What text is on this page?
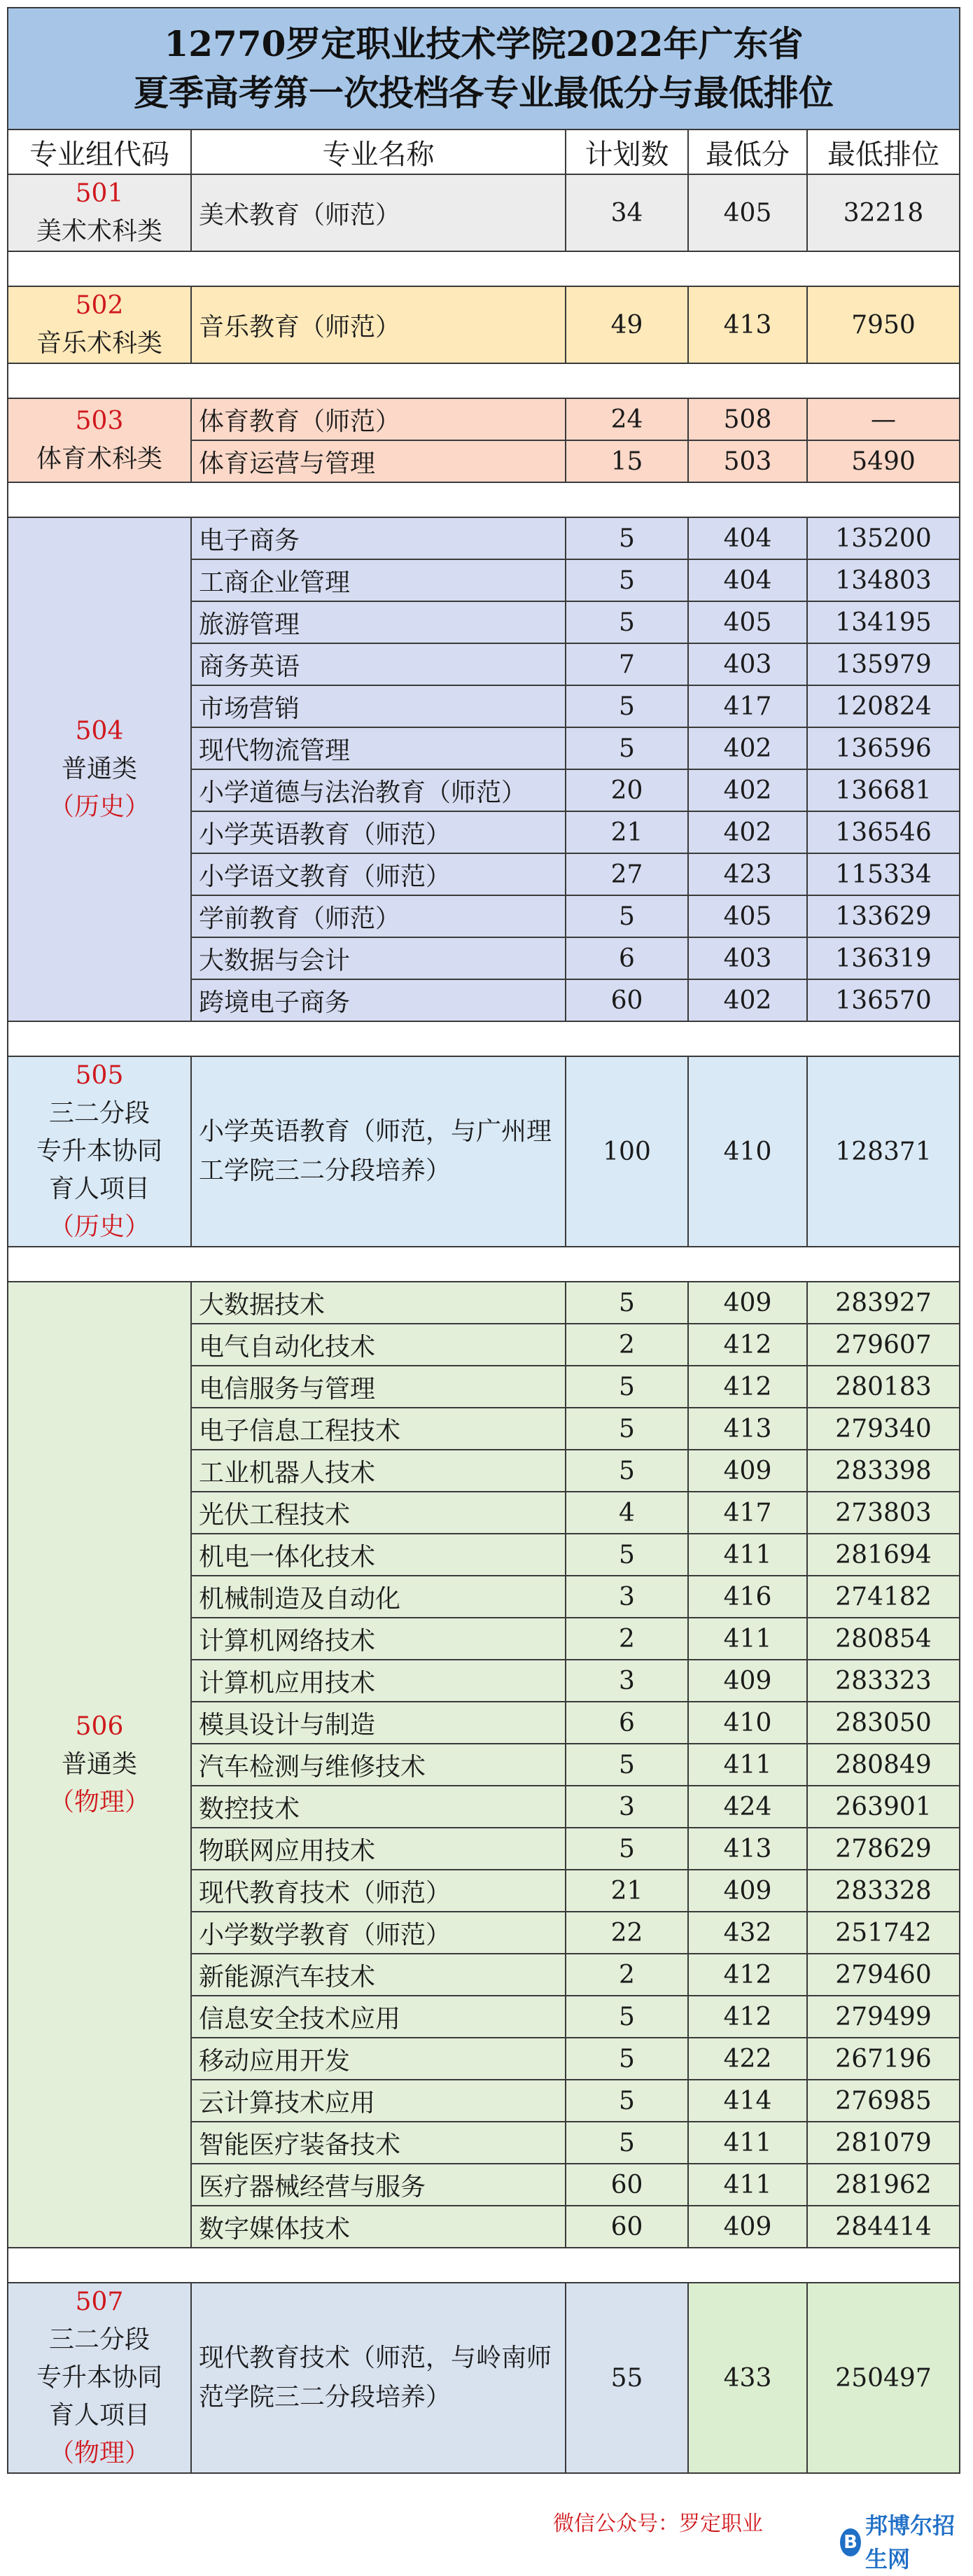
12770罗定职业技术学院2022年广东省
夏季高考第一次投档各专业最低分与最低排位				

专业组代码	专业名称	计划数	最低分	最低排位

501
美术术科类	美术教育（师范）	34	405	32218

502
音乐术科类	音乐教育（师范）	49	413	7950

503
体育术科类	体育教育（师范）	24	508	—
	体育运营与管理	15	503	5490

504
普通类
（历史）	电子商务	5	404	135200
	工商企业管理	5	404	134803
	旅游管理	5	405	134195
	商务英语	7	403	135979
	市场营销	5	417	120824
	现代物流管理	5	402	136596
	小学道德与法治教育（师范）	20	402	136681
	小学英语教育（师范）	21	402	136546
	小学语文教育（师范）	27	423	115334
	学前教育（师范）	5	405	133629
	大数据与会计	6	403	136319
	跨境电子商务	60	402	136570

505
三二分段
专升本协同
育人项目
（历史）	小学英语教育（师范，与广州理工学院三二分段培养）	100	410	128371

506
普通类
（物理）	大数据技术	5	409	283927
	电气自动化技术	2	412	279607
	电信服务与管理	5	412	280183
	电子信息工程技术	5	413	279340
	工业机器人技术	5	409	283398
	光伏工程技术	4	417	273803
	机电一体化技术	5	411	281694
	机械制造及自动化	3	416	274182
	计算机网络技术	2	411	280854
	计算机应用技术	3	409	283323
	模具设计与制造	6	410	283050
	汽车检测与维修技术	5	411	280849
	数控技术	3	424	263901
	物联网应用技术	5	413	278629
	现代教育技术（师范）	21	409	283328
	小学数学教育（师范）	22	432	251742
	新能源汽车技术	2	412	279460
	信息安全技术应用	5	412	279499
	移动应用开发	5	422	267196
	云计算技术应用	5	414	276985
	智能医疗装备技术	5	411	281079
	医疗器械经营与服务	60	411	281962
	数字媒体技术	60	409	284414

507
三二分段
专升本协同
育人项目
（物理）	现代教育技术（师范，与岭南师范学院三二分段培养）	55	433	250497
微信公众号：罗定职业
B
邦博尔招生网
